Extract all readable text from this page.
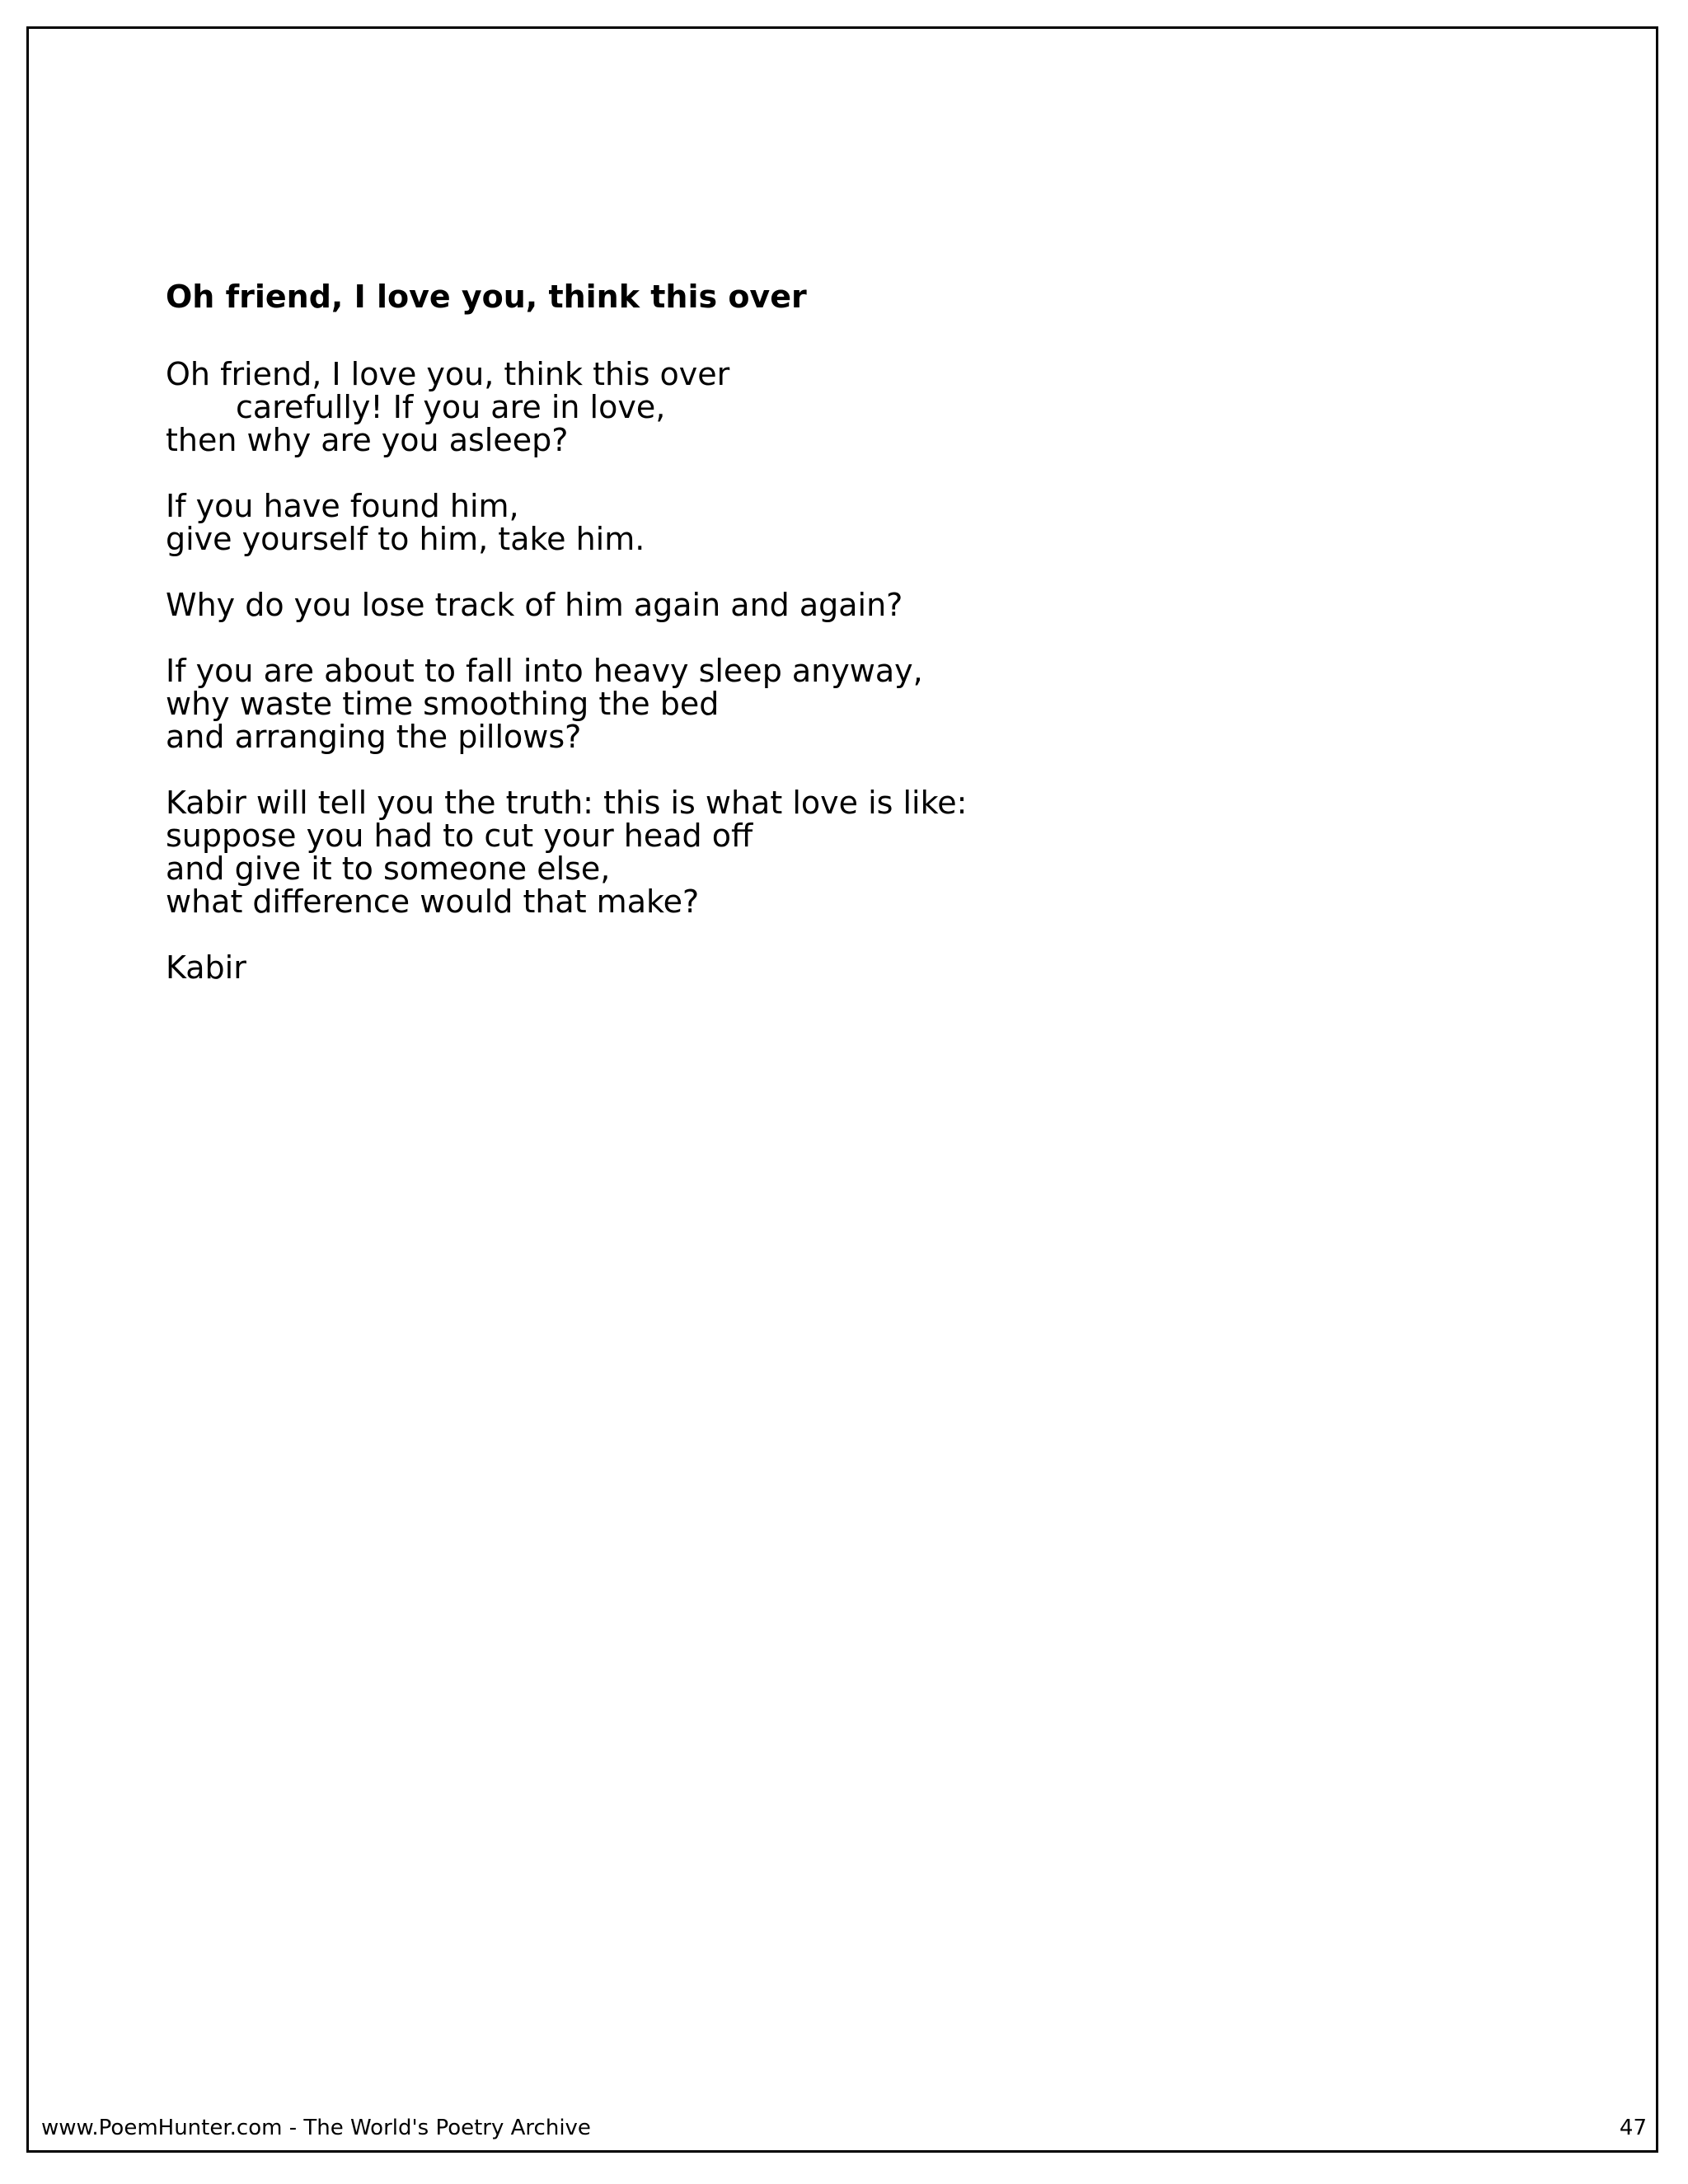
Oh friend, I love you, think this over

Oh friend, I love you, think this over
carefully! If you are in love,
then why are you asleep?

If you have found him,
give yourself to him, take him.

Why do you lose track of him again and again?

If you are about to fall into heavy sleep anyway,
why waste time smoothing the bed
and arranging the pillows?

Kabir will tell you the truth: this is what love is like:
suppose you had to cut your head off
and give it to someone else,
what difference would that make?

Kabir
www.PoemHunter.com - The World's Poetry Archive	47
